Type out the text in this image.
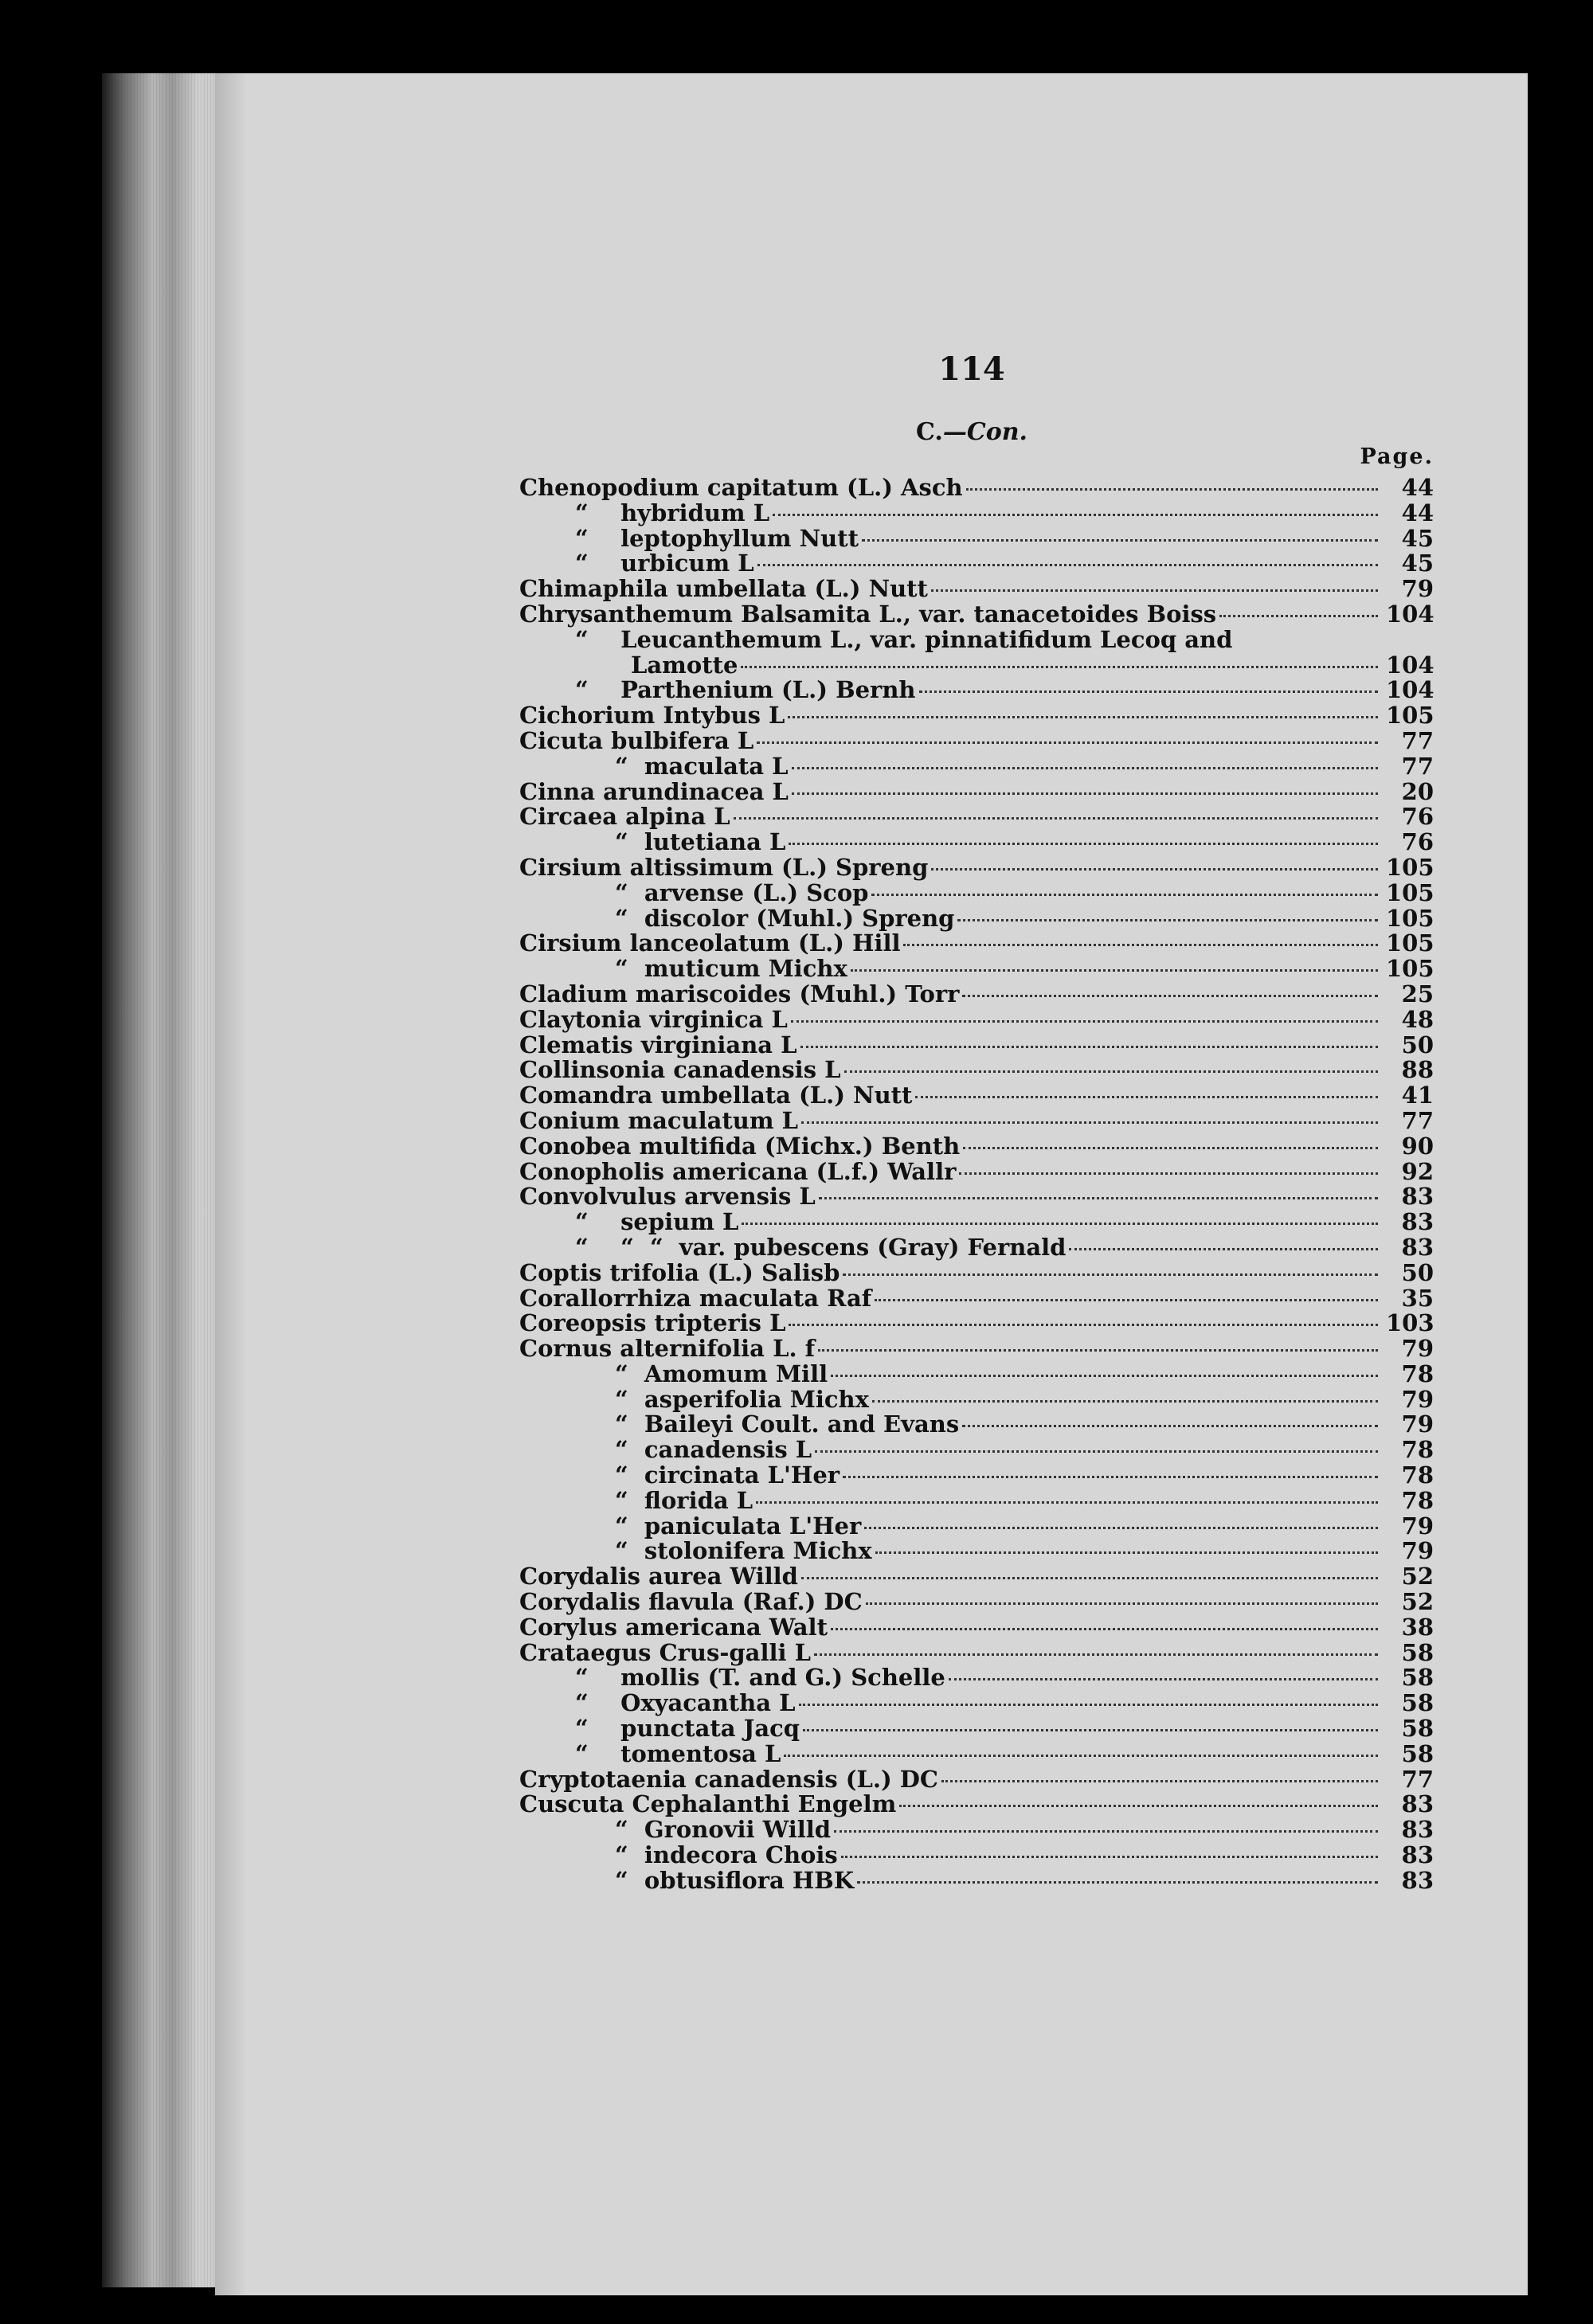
114
C.—Con.
Page.
Chenopodium capitatum (L.) Asch	44
“    hybridum L	44
“    leptophyllum Nutt	45
“    urbicum L	45
Chimaphila umbellata (L.) Nutt	79
Chrysanthemum Balsamita L., var. tanacetoides Boiss	104
“    Leucanthemum L., var. pinnatifidum Lecoq and
Lamotte	104
“    Parthenium (L.) Bernh	104
Cichorium Intybus L	105
Cicuta bulbifera L	77
“  maculata L	77
Cinna arundinacea L	20
Circaea alpina L	76
“  lutetiana L	76
Cirsium altissimum (L.) Spreng	105
“  arvense (L.) Scop	105
“  discolor (Muhl.) Spreng	105
Cirsium lanceolatum (L.) Hill	105
“  muticum Michx	105
Cladium mariscoides (Muhl.) Torr	25
Claytonia virginica L	48
Clematis virginiana L	50
Collinsonia canadensis L	88
Comandra umbellata (L.) Nutt	41
Conium maculatum L	77
Conobea multifida (Michx.) Benth	90
Conopholis americana (L.f.) Wallr	92
Convolvulus arvensis L	83
“    sepium L	83
“    “  “  var. pubescens (Gray) Fernald	83
Coptis trifolia (L.) Salisb	50
Corallorrhiza maculata Raf	35
Coreopsis tripteris L	103
Cornus alternifolia L. f	79
“  Amomum Mill	78
“  asperifolia Michx	79
“  Baileyi Coult. and Evans	79
“  canadensis L	78
“  circinata L'Her	78
“  florida L	78
“  paniculata L'Her	79
“  stolonifera Michx	79
Corydalis aurea Willd	52
Corydalis flavula (Raf.) DC	52
Corylus americana Walt	38
Crataegus Crus-galli L	58
“    mollis (T. and G.) Schelle	58
“    Oxyacantha L	58
“    punctata Jacq	58
“    tomentosa L	58
Cryptotaenia canadensis (L.) DC	77
Cuscuta Cephalanthi Engelm	83
“  Gronovii Willd	83
“  indecora Chois	83
“  obtusiflora HBK	83
